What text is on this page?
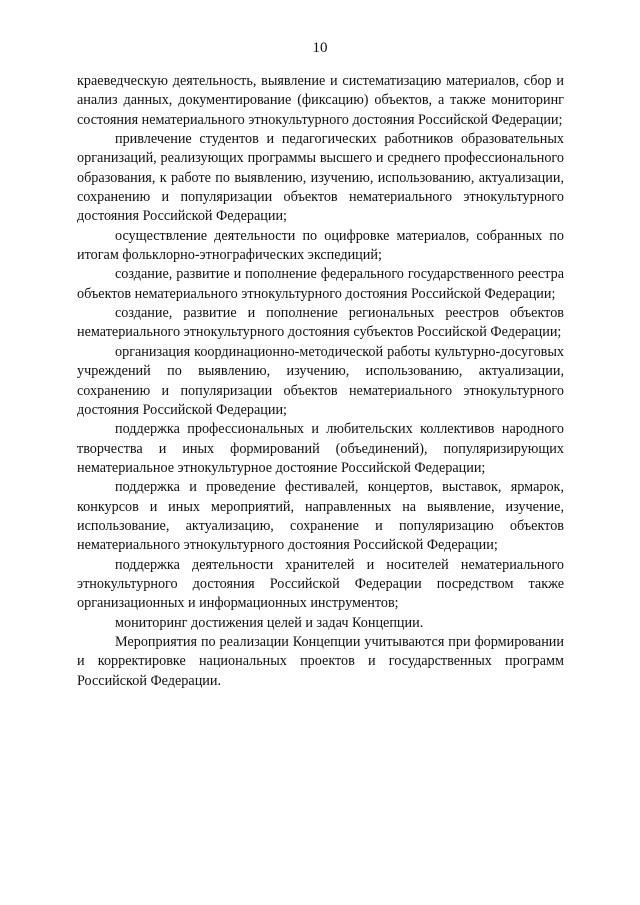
10

краеведческую деятельность, выявление и систематизацию материалов, сбор и анализ данных, документирование (фиксацию) объектов, а также мониторинг состояния нематериального этнокультурного достояния Российской Федерации;

привлечение студентов и педагогических работников образовательных организаций, реализующих программы высшего и среднего профессионального образования, к работе по выявлению, изучению, использованию, актуализации, сохранению и популяризации объектов нематериального этнокультурного достояния Российской Федерации;

осуществление деятельности по оцифровке материалов, собранных по итогам фольклорно-этнографических экспедиций;

создание, развитие и пополнение федерального государственного реестра объектов нематериального этнокультурного достояния Российской Федерации;

создание, развитие и пополнение региональных реестров объектов нематериального этнокультурного достояния субъектов Российской Федерации;

организация координационно-методической работы культурно-досуговых учреждений по выявлению, изучению, использованию, актуализации, сохранению и популяризации объектов нематериального этнокультурного достояния Российской Федерации;

поддержка профессиональных и любительских коллективов народного творчества и иных формирований (объединений), популяризирующих нематериальное этнокультурное достояние Российской Федерации;

поддержка и проведение фестивалей, концертов, выставок, ярмарок, конкурсов и иных мероприятий, направленных на выявление, изучение, использование, актуализацию, сохранение и популяризацию объектов нематериального этнокультурного достояния Российской Федерации;

поддержка деятельности хранителей и носителей нематериального этнокультурного достояния Российской Федерации посредством также организационных и информационных инструментов;

мониторинг достижения целей и задач Концепции.

Мероприятия по реализации Концепции учитываются при формировании и корректировке национальных проектов и государственных программ Российской Федерации.
